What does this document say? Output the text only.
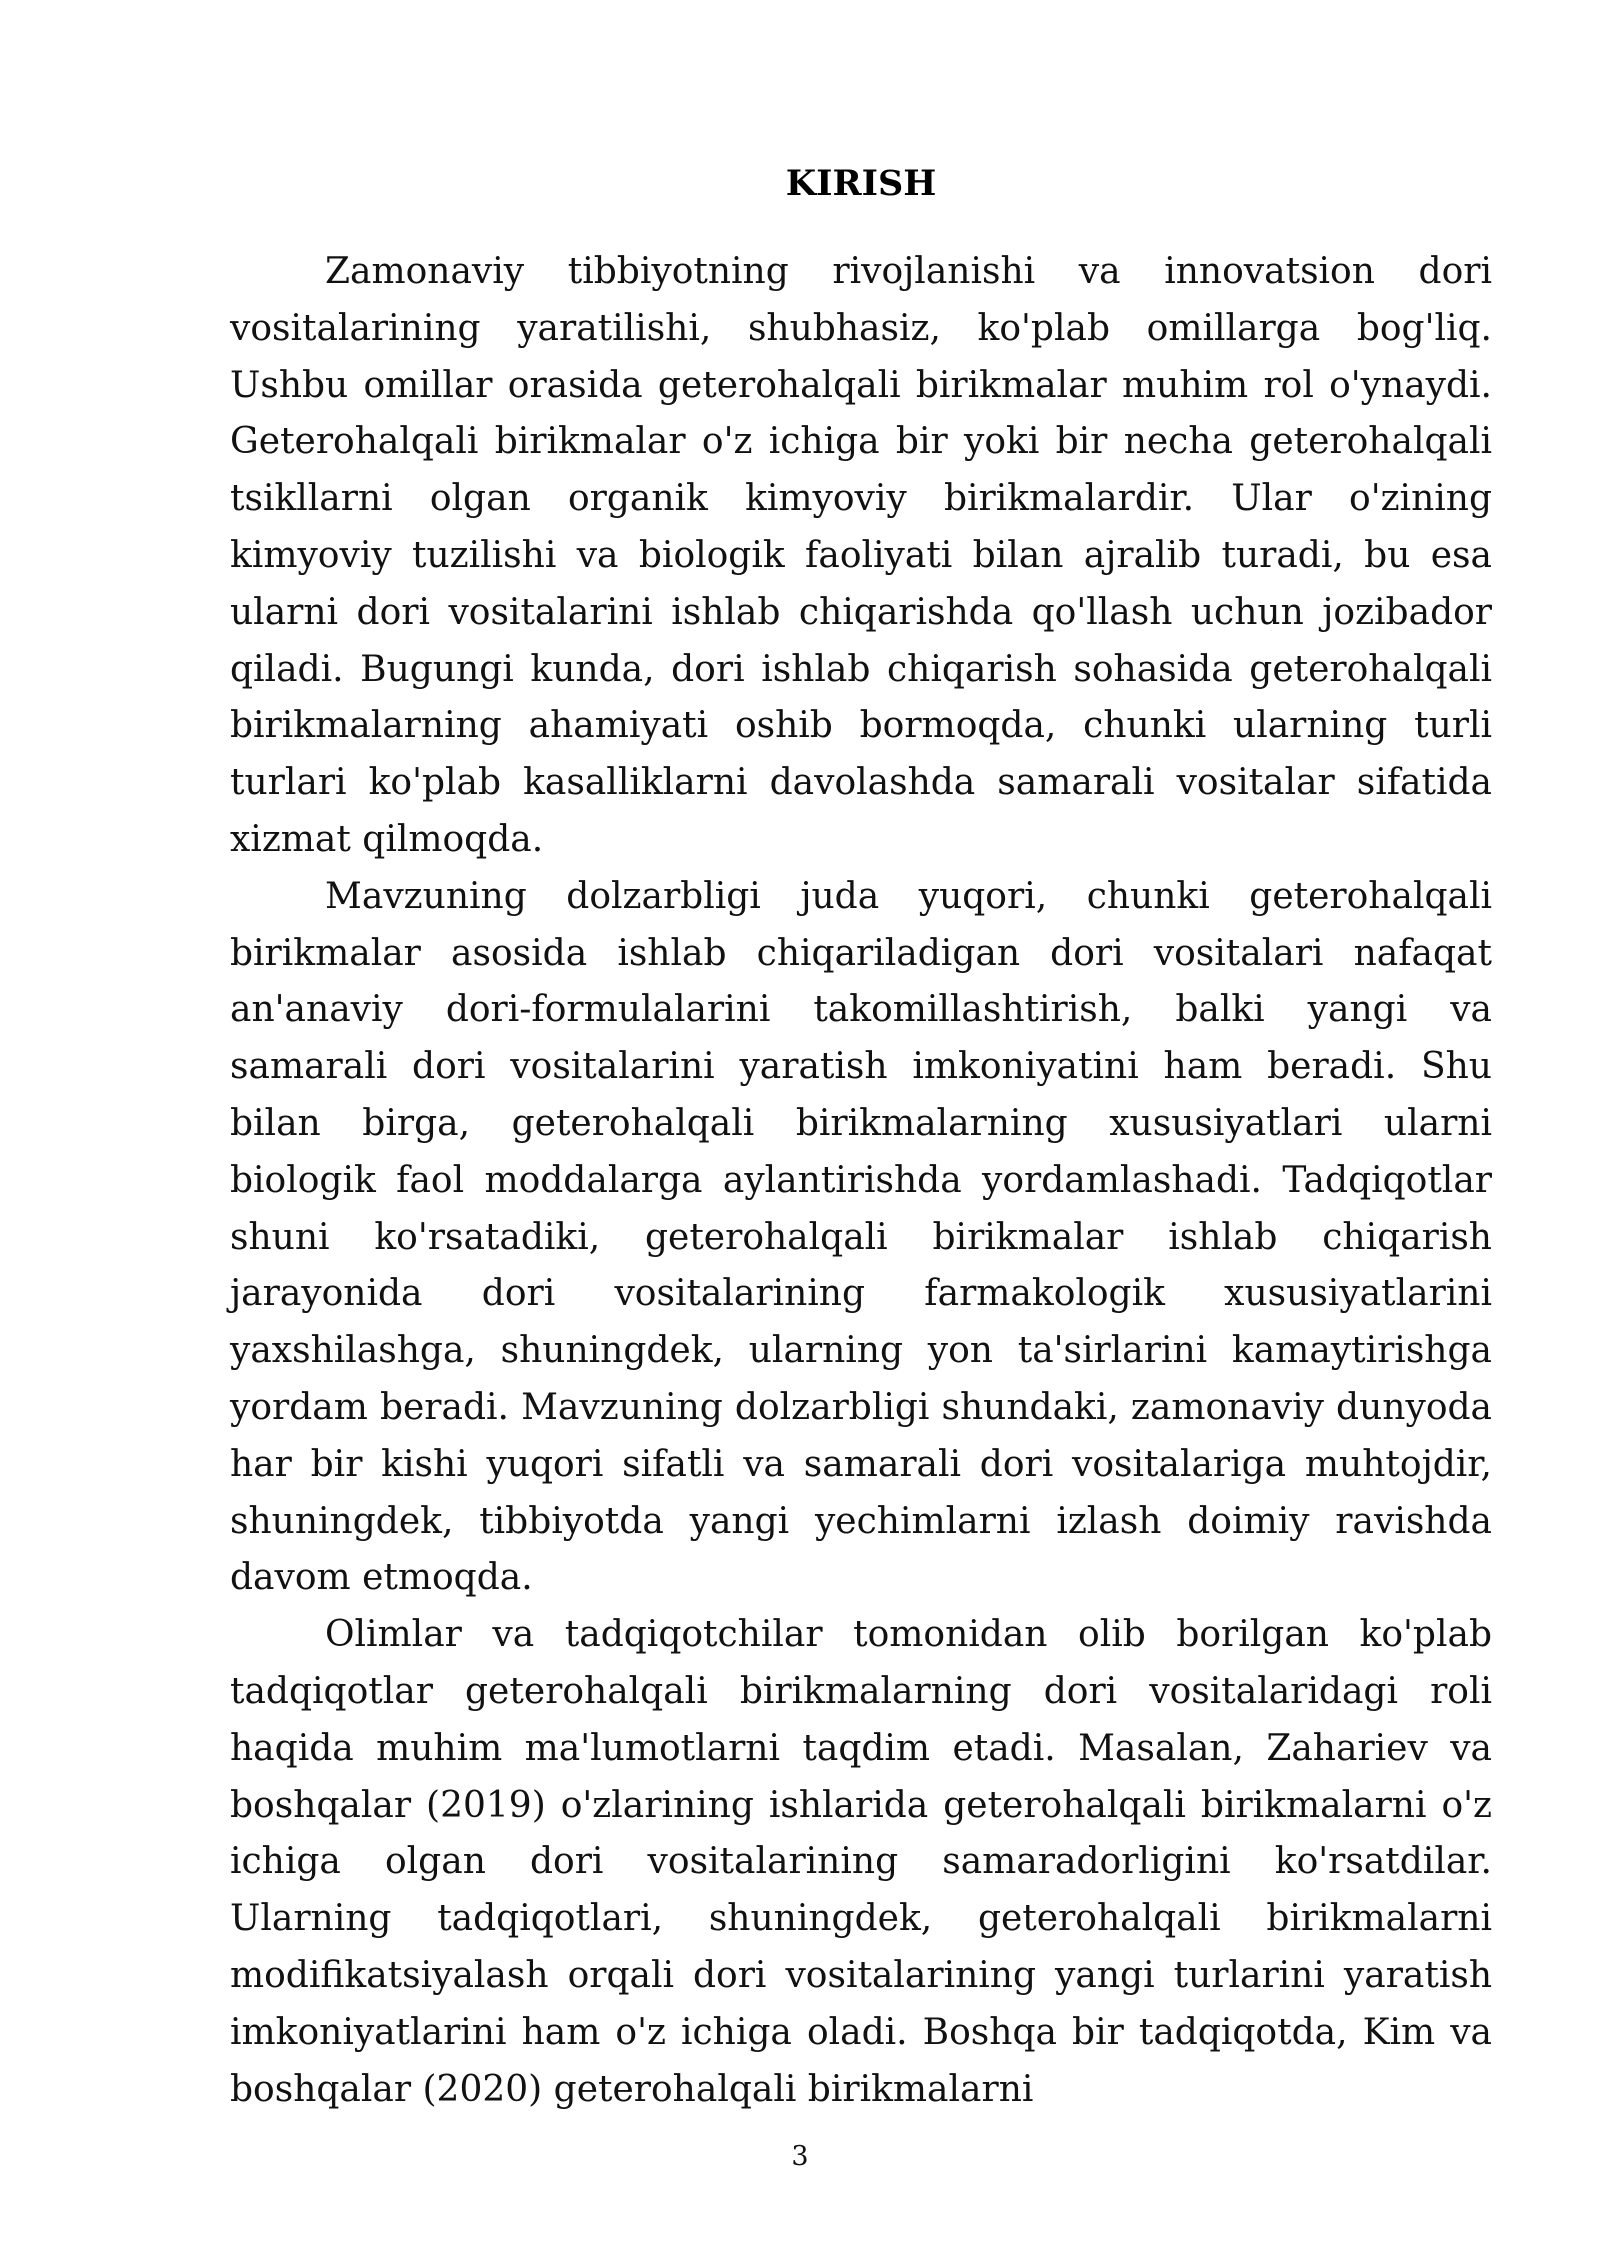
KIRISH

Zamonaviy tibbiyotning rivojlanishi va innovatsion dori vositalarining yaratilishi, shubhasiz, ko'plab omillarga bog'liq. Ushbu omillar orasida geterohalqali birikmalar muhim rol o'ynaydi. Geterohalqali birikmalar o'z ichiga bir yoki bir necha geterohalqali tsikllarni olgan organik kimyoviy birikmalardir. Ular o'zining kimyoviy tuzilishi va biologik faoliyati bilan ajralib turadi, bu esa ularni dori vositalarini ishlab chiqarishda qo'llash uchun jozibador qiladi. Bugungi kunda, dori ishlab chiqarish sohasida geterohalqali birikmalarning ahamiyati oshib bormoqda, chunki ularning turli turlari ko'plab kasalliklarni davolashda samarali vositalar sifatida xizmat qilmoqda.

Mavzuning dolzarbligi juda yuqori, chunki geterohalqali birikmalar asosida ishlab chiqariladigan dori vositalari nafaqat an'anaviy dori-formulalarini takomillashtirish, balki yangi va samarali dori vositalarini yaratish imkoniyatini ham beradi. Shu bilan birga, geterohalqali birikmalarning xususiyatlari ularni biologik faol moddalarga aylantirishda yordamlashadi. Tadqiqotlar shuni ko'rsatadiki, geterohalqali birikmalar ishlab chiqarish jarayonida dori vositalarining farmakologik xususiyatlarini yaxshilashga, shuningdek, ularning yon ta'sirlarini kamaytirishga yordam beradi. Mavzuning dolzarbligi shundaki, zamonaviy dunyoda har bir kishi yuqori sifatli va samarali dori vositalariga muhtojdir, shuningdek, tibbiyotda yangi yechimlarni izlash doimiy ravishda davom etmoqda.

Olimlar va tadqiqotchilar tomonidan olib borilgan ko'plab tadqiqotlar geterohalqali birikmalarning dori vositalaridagi roli haqida muhim ma'lumotlarni taqdim etadi. Masalan, Zahariev va boshqalar (2019) o'zlarining ishlarida geterohalqali birikmalarni o'z ichiga olgan dori vositalarining samaradorligini ko'rsatdilar. Ularning tadqiqotlari, shuningdek, geterohalqali birikmalarni modifikatsiyalash orqali dori vositalarining yangi turlarini yaratish imkoniyatlarini ham o'z ichiga oladi. Boshqa bir tadqiqotda, Kim va boshqalar (2020) geterohalqali birikmalarni

3
